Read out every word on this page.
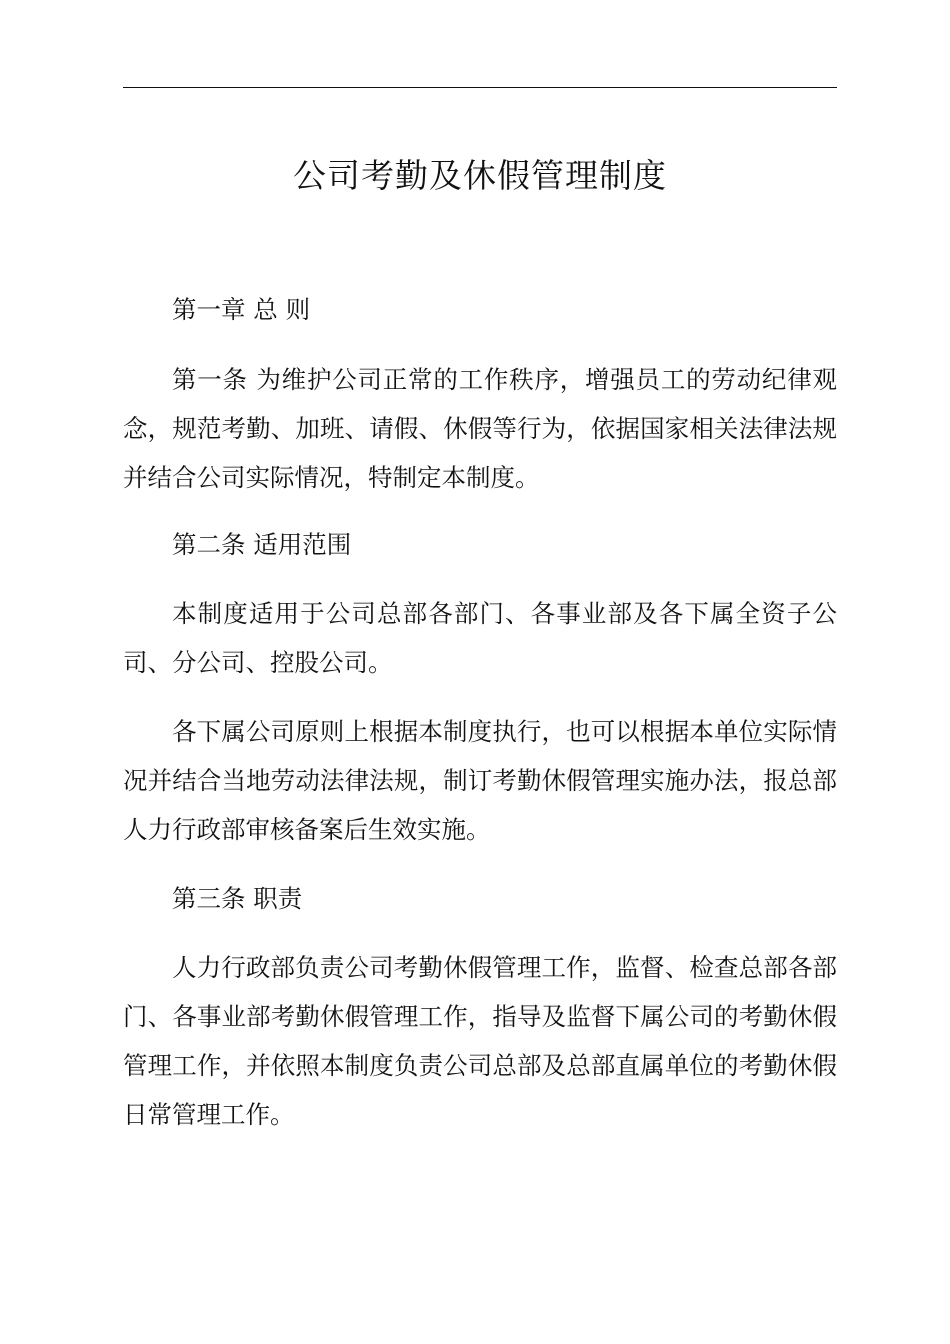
公司考勤及休假管理制度

第一章 总 则

第一条 为维护公司正常的工作秩序，增强员工的劳动纪律观念，规范考勤、加班、请假、休假等行为，依据国家相关法律法规并结合公司实际情况，特制定本制度。

第二条 适用范围

本制度适用于公司总部各部门、各事业部及各下属全资子公司、分公司、控股公司。

各下属公司原则上根据本制度执行，也可以根据本单位实际情况并结合当地劳动法律法规，制订考勤休假管理实施办法，报总部人力行政部审核备案后生效实施。

第三条 职责

人力行政部负责公司考勤休假管理工作，监督、检查总部各部门、各事业部考勤休假管理工作，指导及监督下属公司的考勤休假管理工作，并依照本制度负责公司总部及总部直属单位的考勤休假日常管理工作。
